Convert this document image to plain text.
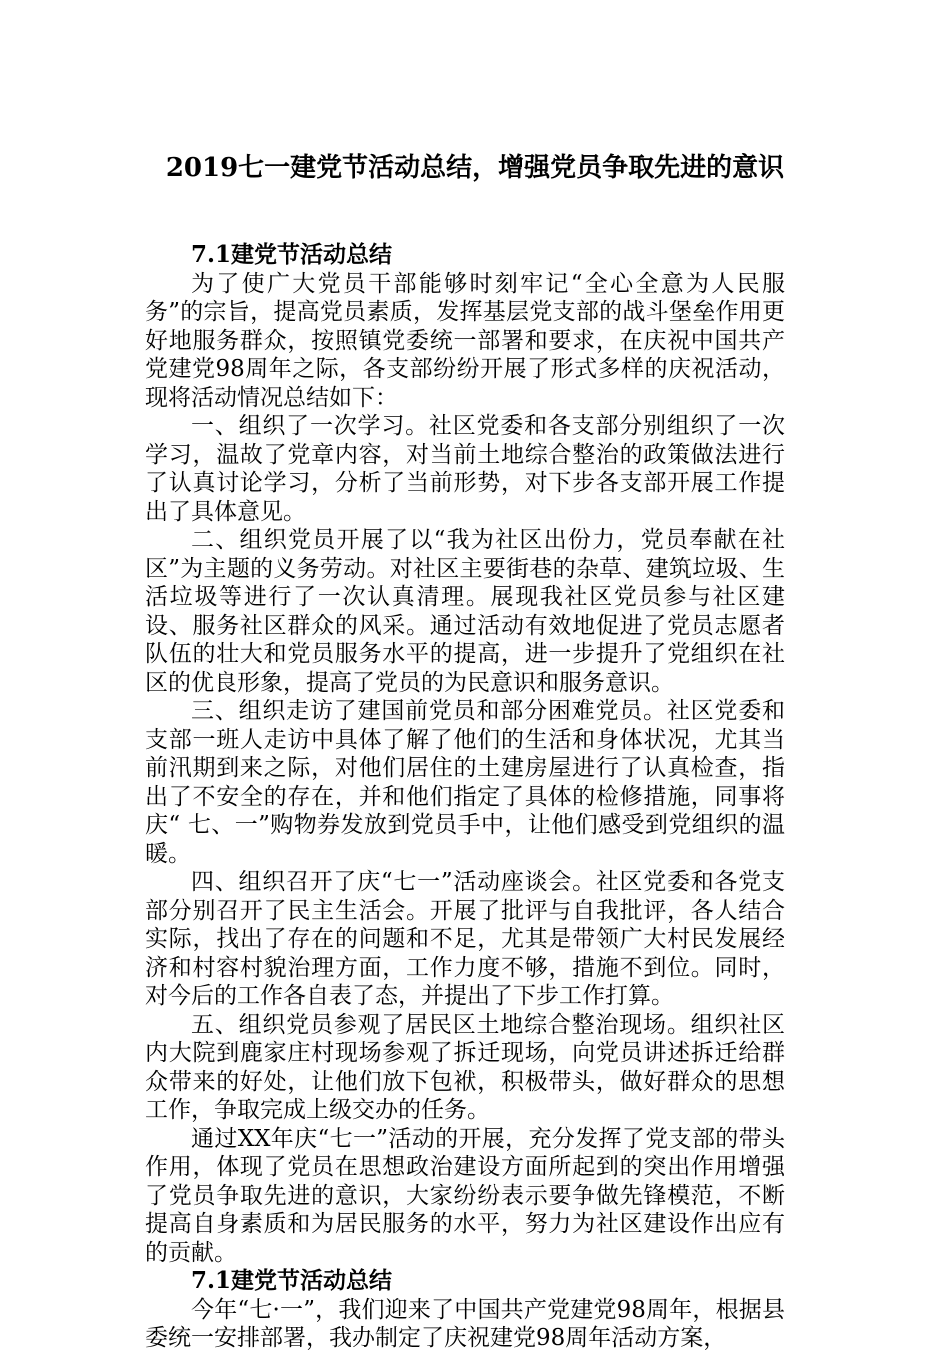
2019七一建党节活动总结，增强党员争取先进的意识

7.1建党节活动总结

为了使广大党员干部能够时刻牢记“全心全意为人民服务”的宗旨，提高党员素质，发挥基层党支部的战斗堡垒作用更好地服务群众，按照镇党委统一部署和要求，在庆祝中国共产党建党98周年之际，各支部纷纷开展了形式多样的庆祝活动，现将活动情况总结如下：

一、组织了一次学习。社区党委和各支部分别组织了一次学习，温故了党章内容，对当前土地综合整治的政策做法进行了认真讨论学习，分析了当前形势，对下步各支部开展工作提出了具体意见。

二、组织党员开展了以“我为社区出份力，党员奉献在社区”为主题的义务劳动。对社区主要街巷的杂草、建筑垃圾、生活垃圾等进行了一次认真清理。展现我社区党员参与社区建设、服务社区群众的风采。通过活动有效地促进了党员志愿者队伍的壮大和党员服务水平的提高，进一步提升了党组织在社区的优良形象，提高了党员的为民意识和服务意识。

三、组织走访了建国前党员和部分困难党员。社区党委和支部一班人走访中具体了解了他们的生活和身体状况，尤其当前汛期到来之际，对他们居住的土建房屋进行了认真检查，指出了不安全的存在，并和他们指定了具体的检修措施，同事将庆“ 七、一”购物券发放到党员手中，让他们感受到党组织的温暖。

四、组织召开了庆“七一”活动座谈会。社区党委和各党支部分别召开了民主生活会。开展了批评与自我批评，各人结合实际，找出了存在的问题和不足，尤其是带领广大村民发展经济和村容村貌治理方面，工作力度不够，措施不到位。同时，对今后的工作各自表了态，并提出了下步工作打算。

五、组织党员参观了居民区土地综合整治现场。组织社区内大院到鹿家庄村现场参观了拆迁现场，向党员讲述拆迁给群众带来的好处，让他们放下包袱，积极带头，做好群众的思想工作，争取完成上级交办的任务。

通过XX年庆“七一”活动的开展，充分发挥了党支部的带头作用，体现了党员在思想政治建设方面所起到的突出作用增强了党员争取先进的意识，大家纷纷表示要争做先锋模范，不断提高自身素质和为居民服务的水平，努力为社区建设作出应有的贡献。

7.1建党节活动总结

今年“七·一”，我们迎来了中国共产党建党98周年，根据县委统一安排部署，我办制定了庆祝建党98周年活动方案，
